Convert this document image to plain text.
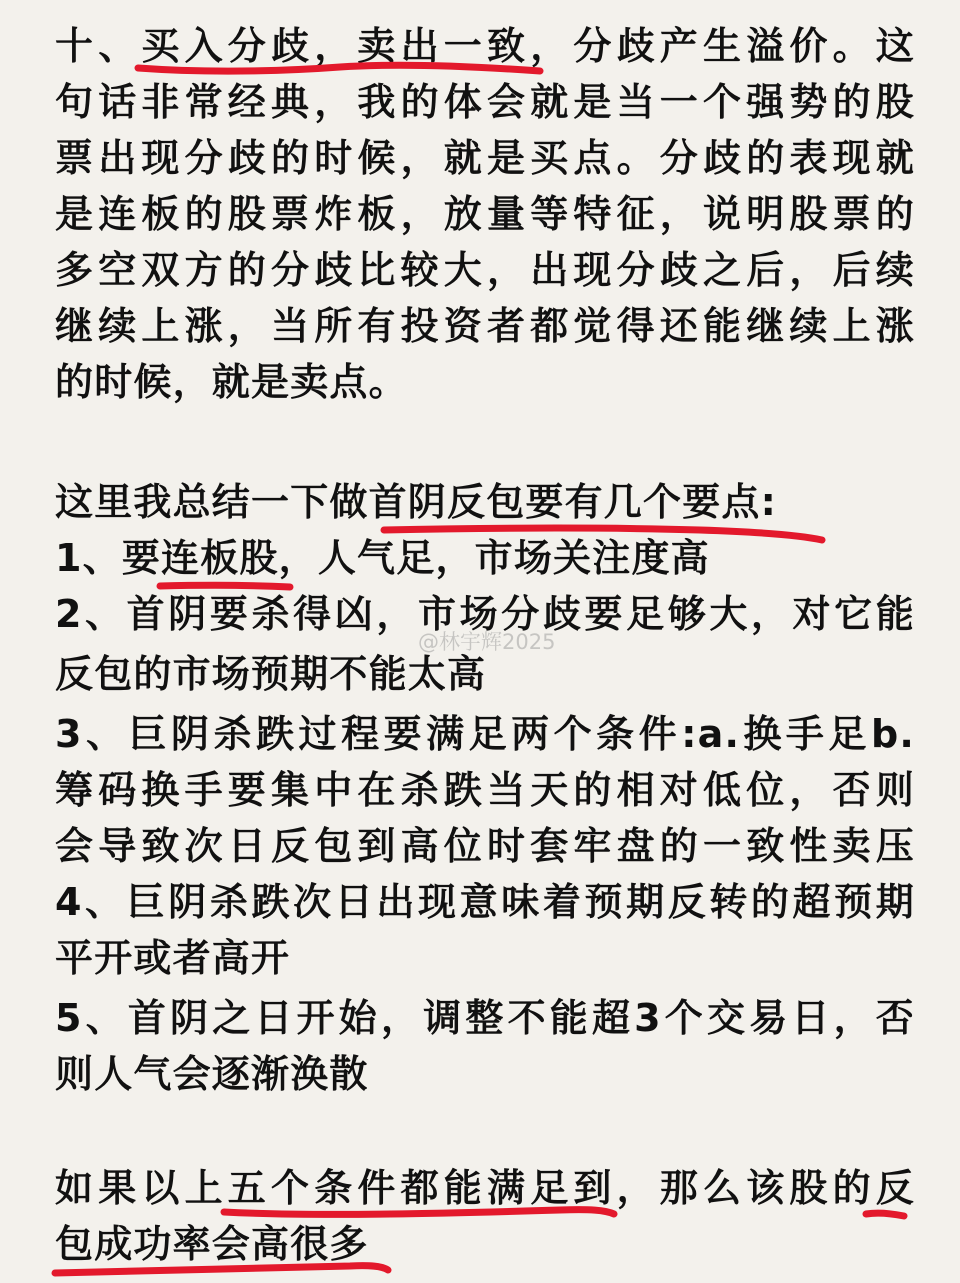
十、买入分歧，卖出一致，分歧产生溢价。这
句话非常经典，我的体会就是当一个强势的股
票出现分歧的时候，就是买点。分歧的表现就
是连板的股票炸板，放量等特征，说明股票的
多空双方的分歧比较大，出现分歧之后，后续
继续上涨，当所有投资者都觉得还能继续上涨
的时候，就是卖点。
这里我总结一下做首阴反包要有几个要点:
1、要连板股，人气足，市场关注度高
2、首阴要杀得凶，市场分歧要足够大，对它能
反包的市场预期不能太高
3、巨阴杀跌过程要满足两个条件:a.换手足b.
筹码换手要集中在杀跌当天的相对低位，否则
会导致次日反包到高位时套牢盘的一致性卖压
4、巨阴杀跌次日出现意味着预期反转的超预期
平开或者高开
5、首阴之日开始，调整不能超3个交易日，否
则人气会逐渐涣散
如果以上五个条件都能满足到，那么该股的反
包成功率会高很多
@林宇辉2025
